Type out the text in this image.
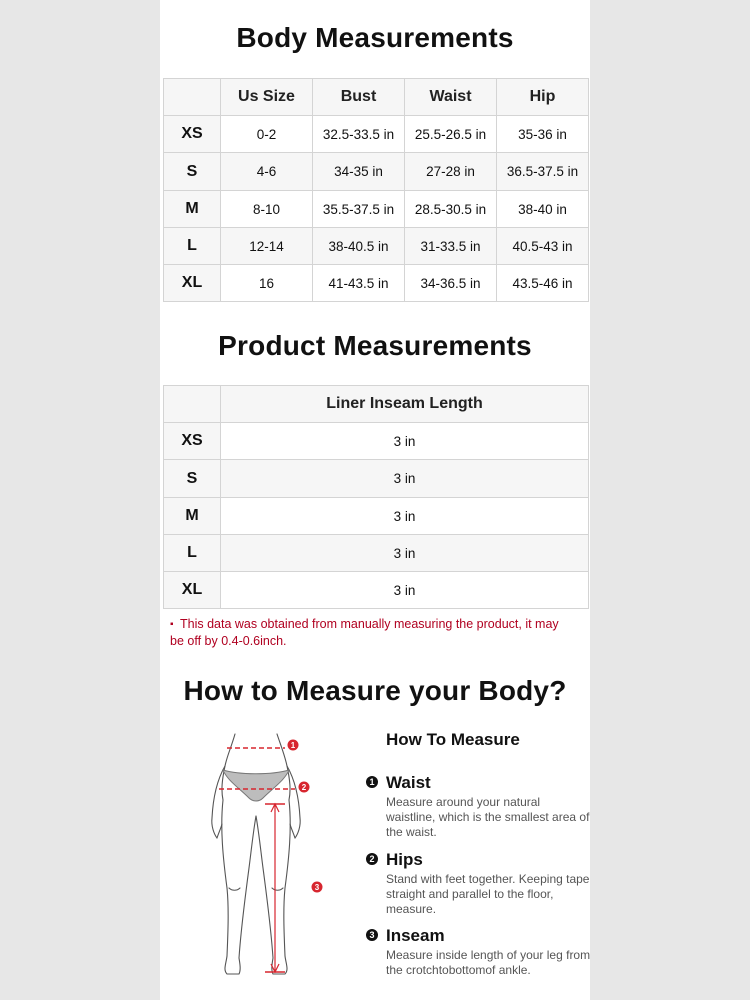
Body Measurements
	Us Size	Bust	Waist	Hip
XS	0-2	32.5-33.5 in	25.5-26.5 in	35-36 in
S	4-6	34-35 in	27-28 in	36.5-37.5 in
M	8-10	35.5-37.5 in	28.5-30.5 in	38-40 in
L	12-14	38-40.5 in	31-33.5 in	40.5-43 in
XL	16	41-43.5 in	34-36.5 in	43.5-46 in
Product Measurements
	Liner Inseam Length
XS	3 in
S	3 in
M	3 in
L	3 in
XL	3 in
▪ This data was obtained from manually measuring the product, it may be off by 0.4-0.6inch.
How to Measure your Body?
1
2
3
How To Measure
1 Waist
Measure around your natural waistline, which is the smallest area of the waist.
2 Hips
Stand with feet together. Keeping tape straight and parallel to the floor, measure.
3 Inseam
Measure inside length of your leg from the crotchtobottomof ankle.
